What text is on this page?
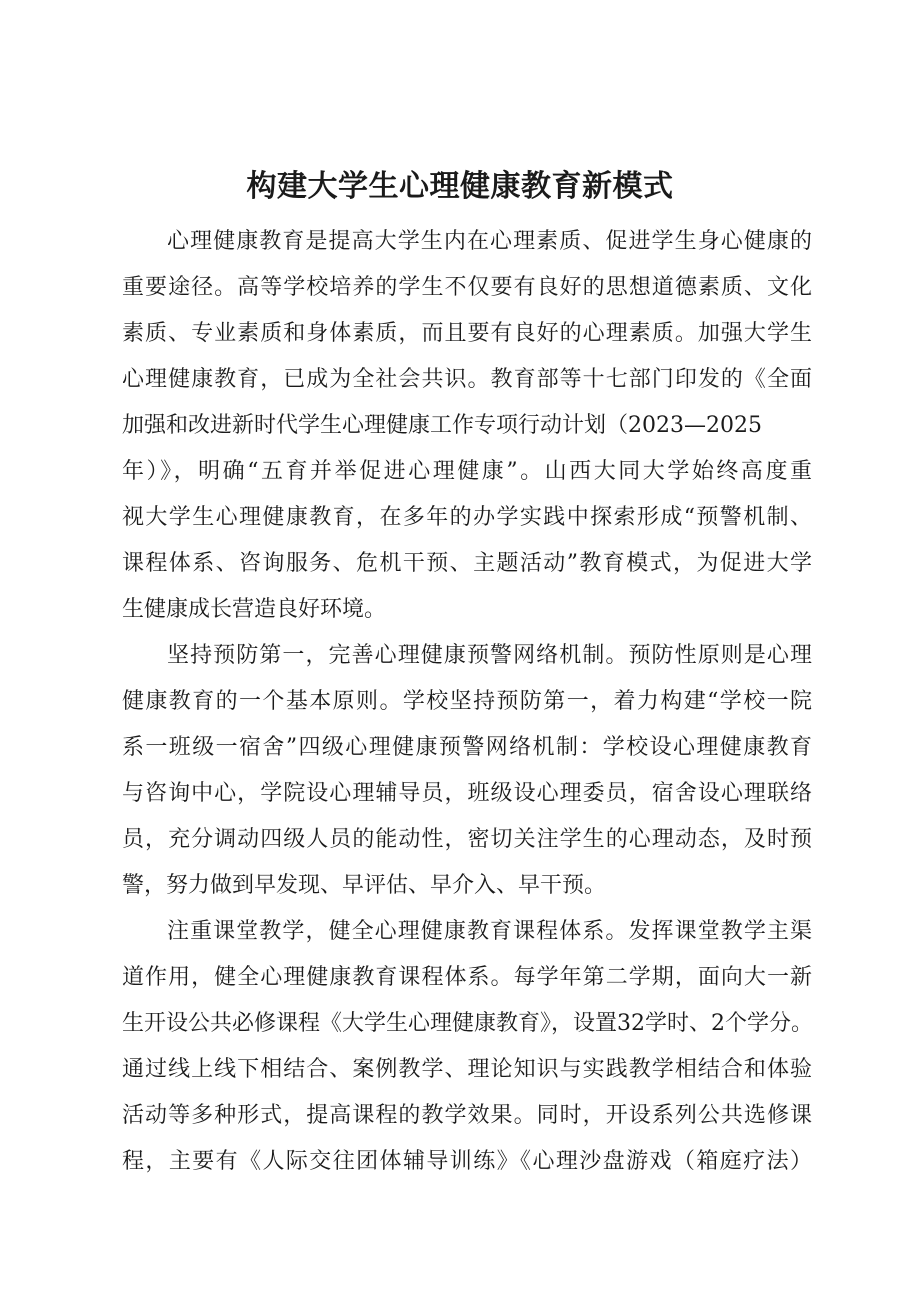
构建大学生心理健康教育新模式

心理健康教育是提高大学生内在心理素质、促进学生身心健康的

重要途径。高等学校培养的学生不仅要有良好的思想道德素质、文化

素质、专业素质和身体素质，而且要有良好的心理素质。加强大学生

心理健康教育，已成为全社会共识。教育部等十七部门印发的《全面

加强和改进新时代学生心理健康工作专项行动计划（2023—2025

年）》，明确“五育并举促进心理健康”。山西大同大学始终高度重

视大学生心理健康教育，在多年的办学实践中探索形成“预警机制、

课程体系、咨询服务、危机干预、主题活动”教育模式，为促进大学

生健康成长营造良好环境。

坚持预防第一，完善心理健康预警网络机制。预防性原则是心理

健康教育的一个基本原则。学校坚持预防第一，着力构建“学校一院

系一班级一宿舍”四级心理健康预警网络机制：学校设心理健康教育

与咨询中心，学院设心理辅导员，班级设心理委员，宿舍设心理联络

员，充分调动四级人员的能动性，密切关注学生的心理动态，及时预

警，努力做到早发现、早评估、早介入、早干预。

注重课堂教学，健全心理健康教育课程体系。发挥课堂教学主渠

道作用，健全心理健康教育课程体系。每学年第二学期，面向大一新

生开设公共必修课程《大学生心理健康教育》，设置32学时、2个学分。

通过线上线下相结合、案例教学、理论知识与实践教学相结合和体验

活动等多种形式，提高课程的教学效果。同时，开设系列公共选修课

程，主要有《人际交往团体辅导训练》《心理沙盘游戏（箱庭疗法）
